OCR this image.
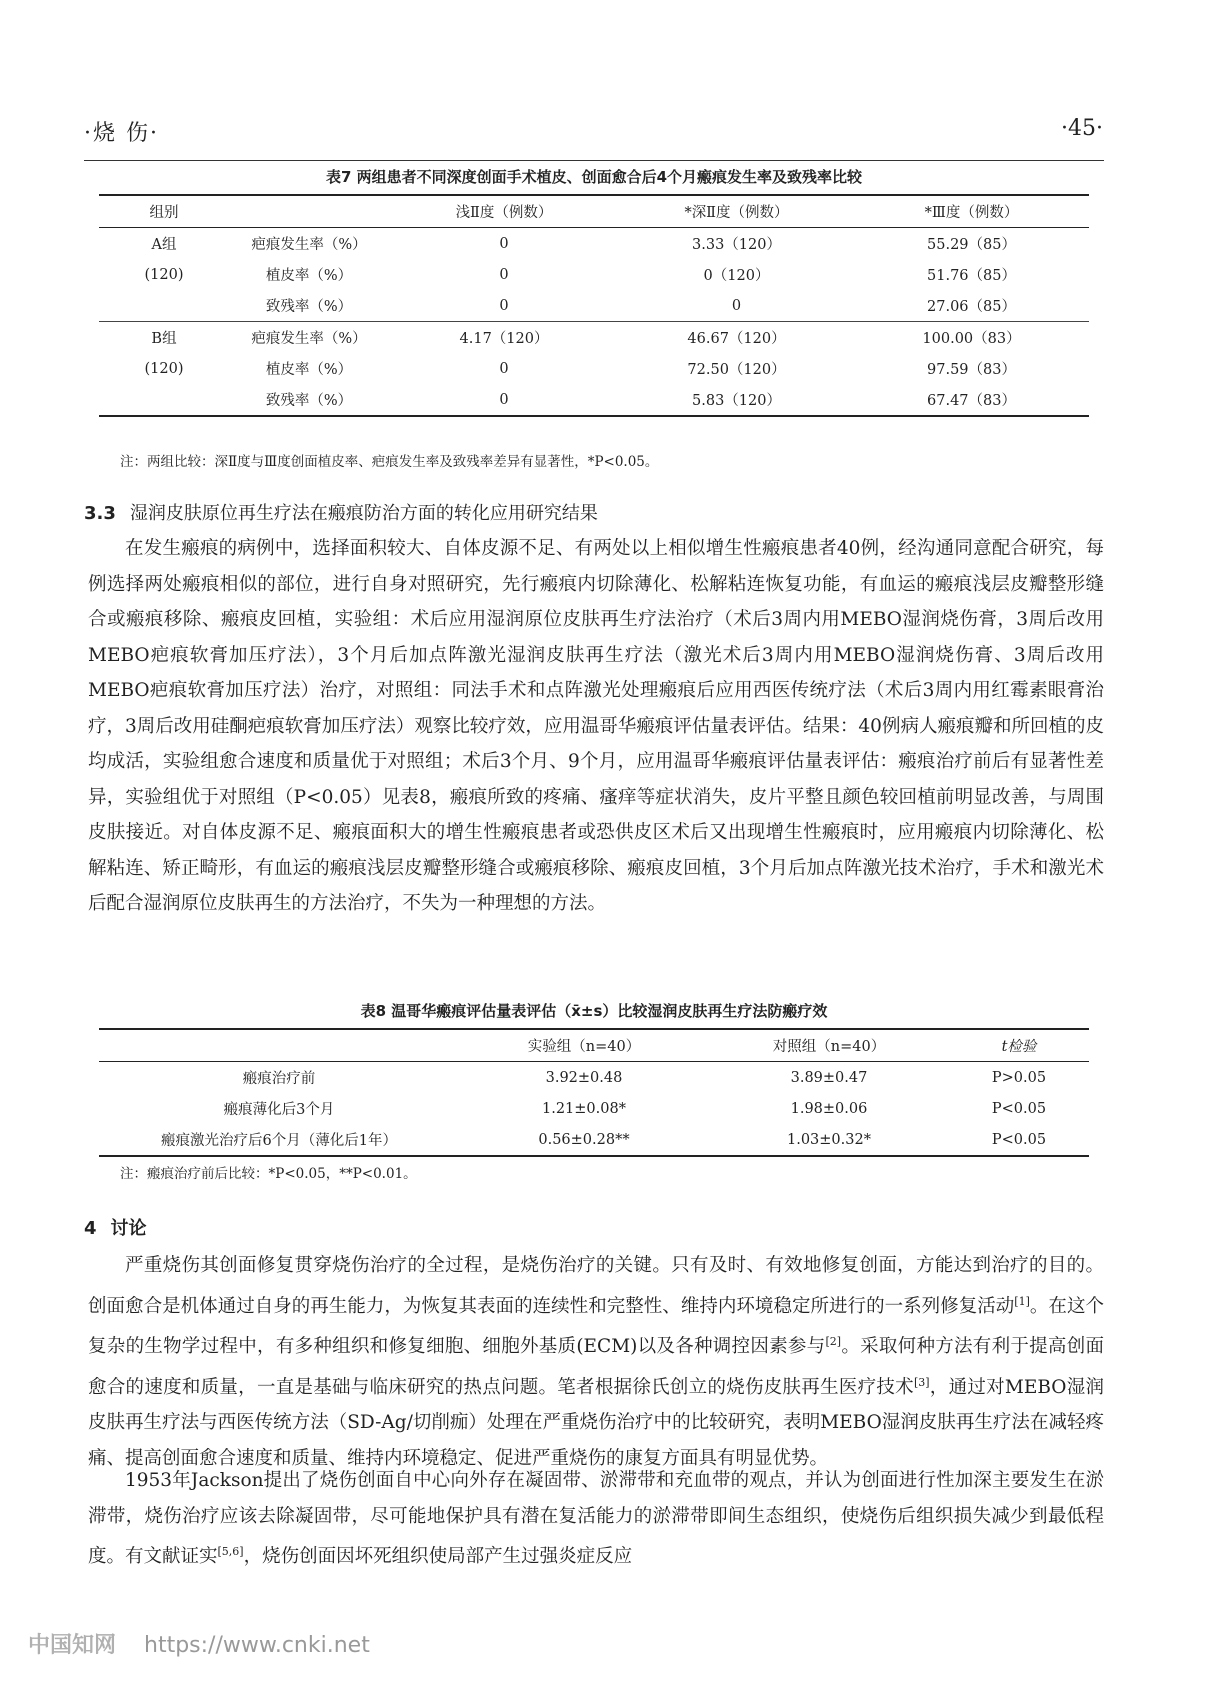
·烧 伤·	·45·
表7 两组患者不同深度创面手术植皮、创面愈合后4个月瘢痕发生率及致残率比较
组别		浅Ⅱ度（例数）	*深Ⅱ度（例数）	*Ⅲ度（例数）
A组	疤痕发生率（%）	0	3.33（120）	55.29（85）
(120)	植皮率（%）	0	0（120）	51.76（85）
	致残率（%）	0	0	27.06（85）
B组	疤痕发生率（%）	4.17（120）	46.67（120）	100.00（83）
(120)	植皮率（%）	0	72.50（120）	97.59（83）
	致残率（%）	0	5.83（120）	67.47（83）
注：两组比较：深Ⅱ度与Ⅲ度创面植皮率、疤痕发生率及致残率差异有显著性，*P<0.05。
3.3 湿润皮肤原位再生疗法在瘢痕防治方面的转化应用研究结果

在发生瘢痕的病例中，选择面积较大、自体皮源不足、有两处以上相似增生性瘢痕患者40例，经沟通同意配合研究，每例选择两处瘢痕相似的部位，进行自身对照研究，先行瘢痕内切除薄化、松解粘连恢复功能，有血运的瘢痕浅层皮瓣整形缝合或瘢痕移除、瘢痕皮回植，实验组：术后应用湿润原位皮肤再生疗法治疗（术后3周内用MEBO湿润烧伤膏，3周后改用MEBO疤痕软膏加压疗法），3个月后加点阵激光湿润皮肤再生疗法（激光术后3周内用MEBO湿润烧伤膏、3周后改用MEBO疤痕软膏加压疗法）治疗，对照组：同法手术和点阵激光处理瘢痕后应用西医传统疗法（术后3周内用红霉素眼膏治疗，3周后改用硅酮疤痕软膏加压疗法）观察比较疗效，应用温哥华瘢痕评估量表评估。结果：40例病人瘢痕瓣和所回植的皮均成活，实验组愈合速度和质量优于对照组；术后3个月、9个月，应用温哥华瘢痕评估量表评估：瘢痕治疗前后有显著性差异，实验组优于对照组（P<0.05）见表8，瘢痕所致的疼痛、瘙痒等症状消失，皮片平整且颜色较回植前明显改善，与周围皮肤接近。对自体皮源不足、瘢痕面积大的增生性瘢痕患者或恐供皮区术后又出现增生性瘢痕时，应用瘢痕内切除薄化、松解粘连、矫正畸形，有血运的瘢痕浅层皮瓣整形缝合或瘢痕移除、瘢痕皮回植，3个月后加点阵激光技术治疗，手术和激光术后配合湿润原位皮肤再生的方法治疗，不失为一种理想的方法。

表8 温哥华瘢痕评估量表评估（x̄±s）比较湿润皮肤再生疗法防瘢疗效
	实验组（n=40）	对照组（n=40）	t检验
瘢痕治疗前	3.92±0.48	3.89±0.47	P>0.05
瘢痕薄化后3个月	1.21±0.08*	1.98±0.06	P<0.05
瘢痕激光治疗后6个月（薄化后1年）	0.56±0.28**	1.03±0.32*	P<0.05
注：瘢痕治疗前后比较：*P<0.05，**P<0.01。
4 讨论

严重烧伤其创面修复贯穿烧伤治疗的全过程，是烧伤治疗的关键。只有及时、有效地修复创面，方能达到治疗的目的。创面愈合是机体通过自身的再生能力，为恢复其表面的连续性和完整性、维持内环境稳定所进行的一系列修复活动[1]。在这个复杂的生物学过程中，有多种组织和修复细胞、细胞外基质(ECM)以及各种调控因素参与[2]。采取何种方法有利于提高创面愈合的速度和质量，一直是基础与临床研究的热点问题。笔者根据徐氏创立的烧伤皮肤再生医疗技术[3]，通过对MEBO湿润皮肤再生疗法与西医传统方法（SD-Ag/切削痂）处理在严重烧伤治疗中的比较研究，表明MEBO湿润皮肤再生疗法在减轻疼痛、提高创面愈合速度和质量、维持内环境稳定、促进严重烧伤的康复方面具有明显优势。

1953年Jackson提出了烧伤创面自中心向外存在凝固带、淤滞带和充血带的观点，并认为创面进行性加深主要发生在淤滞带，烧伤治疗应该去除凝固带，尽可能地保护具有潜在复活能力的淤滞带即间生态组织，使烧伤后组织损失减少到最低程度。有文献证实[5,6]，烧伤创面因坏死组织使局部产生过强炎症反应

中国知网 https://www.cnki.net
